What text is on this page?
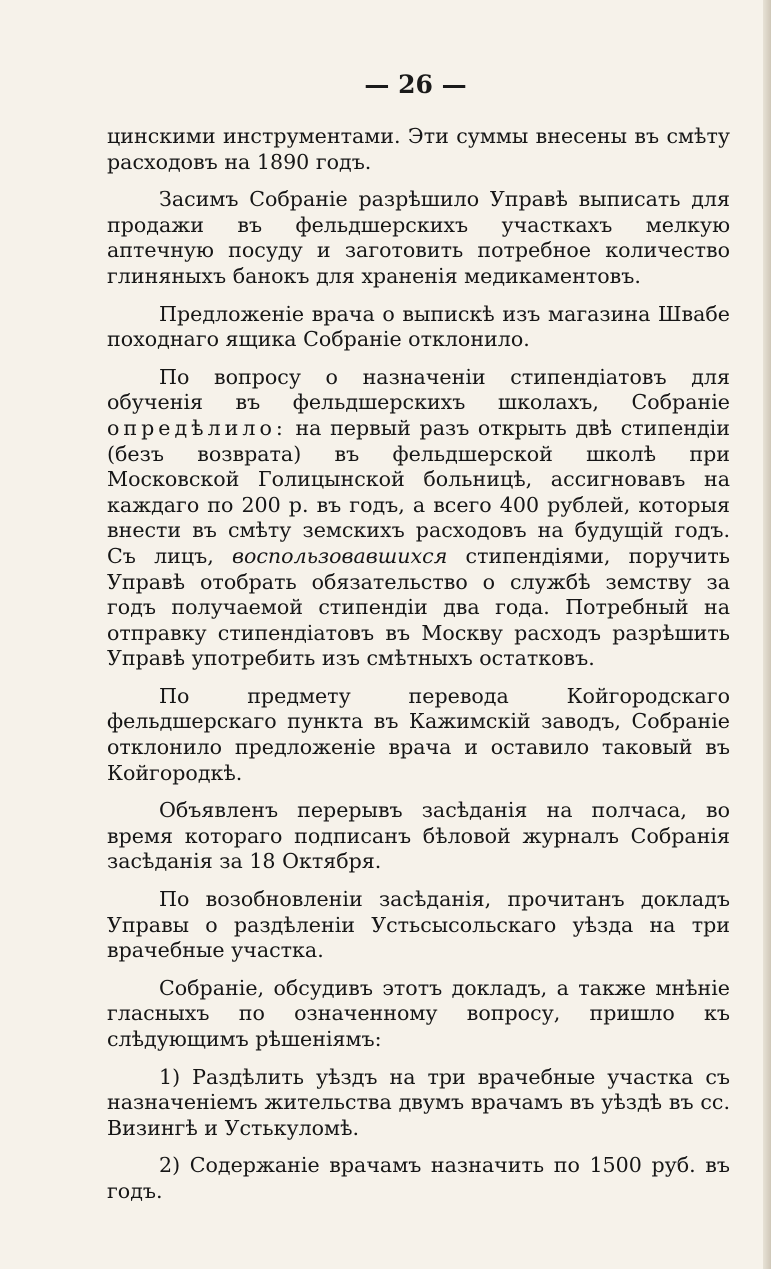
— 26 —

цинскими инструментами. Эти суммы внесены въ смѣту расходовъ на 1890 годъ.

Засимъ Собраніе разрѣшило Управѣ выписать для продажи въ фельдшерскихъ участкахъ мелкую аптечную посуду и заготовить потребное количество глиняныхъ банокъ для храненія медикаментовъ.

Предложеніе врача о выпискѣ изъ магазина Швабе походнаго ящика Собраніе отклонило.

По вопросу о назначеніи стипендіатовъ для обученія въ фельдшерскихъ школахъ, Собраніе опредѣлило: на первый разъ открыть двѣ стипендіи (безъ возврата) въ фельдшерской школѣ при Московской Голицынской больницѣ, ассигновавъ на каждаго по 200 р. въ годъ, а всего 400 рублей, которыя внести въ смѣту земскихъ расходовъ на будущій годъ. Съ лицъ, воспользовавшихся стипендіями, поручить Управѣ отобрать обязательство о службѣ земству за годъ получаемой стипендіи два года. Потребный на отправку стипендіатовъ въ Москву расходъ разрѣшить Управѣ употребить изъ смѣтныхъ остатковъ.

По предмету перевода Койгородскаго фельдшерскаго пункта въ Кажимскій заводъ, Собраніе отклонило предложеніе врача и оставило таковый въ Койгородкѣ.

Объявленъ перерывъ засѣданія на полчаса, во время котораго подписанъ бѣловой журналъ Собранія засѣданія за 18 Октября.

По возобновленіи засѣданія, прочитанъ докладъ Управы о раздѣленіи Устьсысольскаго уѣзда на три врачебные участка.

Собраніе, обсудивъ этотъ докладъ, а также мнѣніе гласныхъ по означенному вопросу, пришло къ слѣдующимъ рѣшеніямъ:

1) Раздѣлить уѣздъ на три врачебные участка съ назначеніемъ жительства двумъ врачамъ въ уѣздѣ въ сс. Визингѣ и Устькуломѣ.

2) Содержаніе врачамъ назначить по 1500 руб. въ годъ.
